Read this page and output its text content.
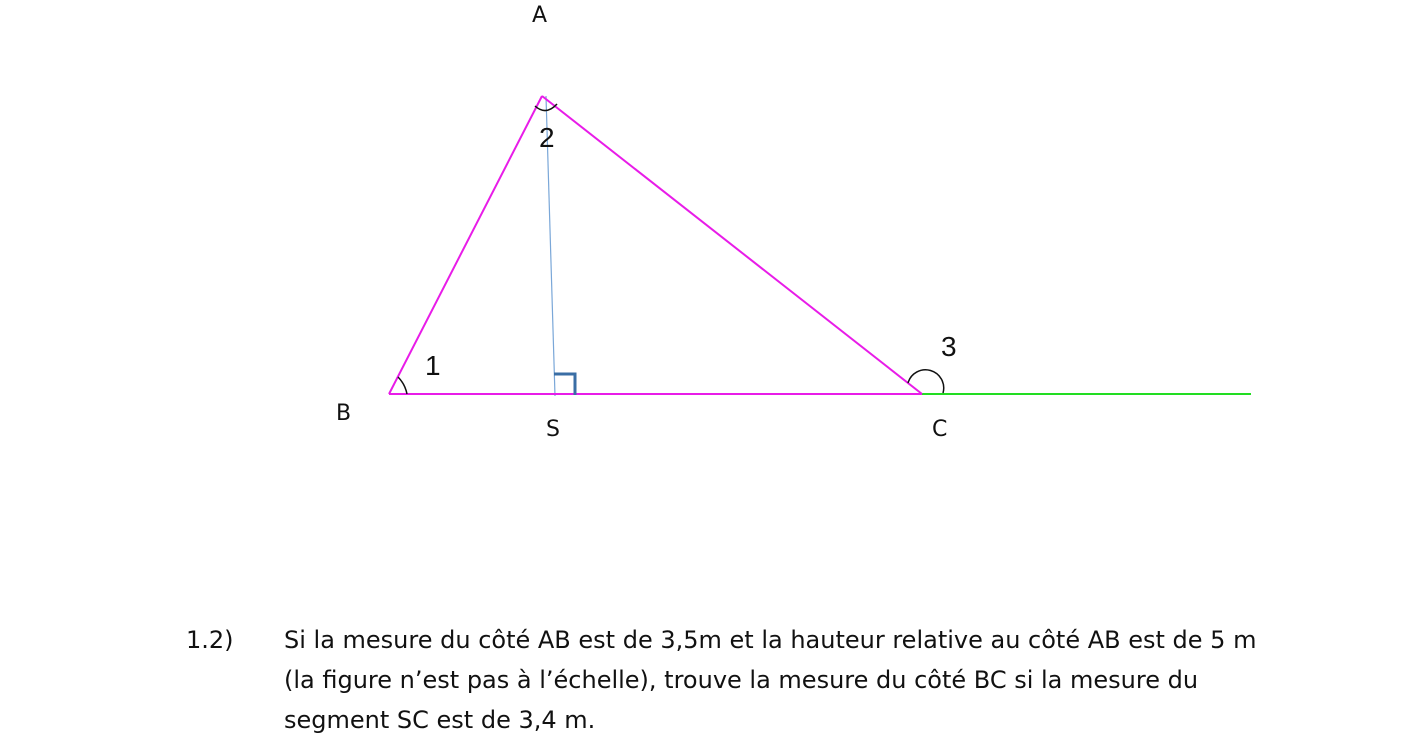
A
B
S	C
1
2
3
1.2)	Si la mesure du côté AB est de 3,5m et la hauteur relative au côté AB est de 5 m
(la figure n’est pas à l’échelle), trouve la mesure du côté BC si la mesure du
segment SC est de 3,4 m.
